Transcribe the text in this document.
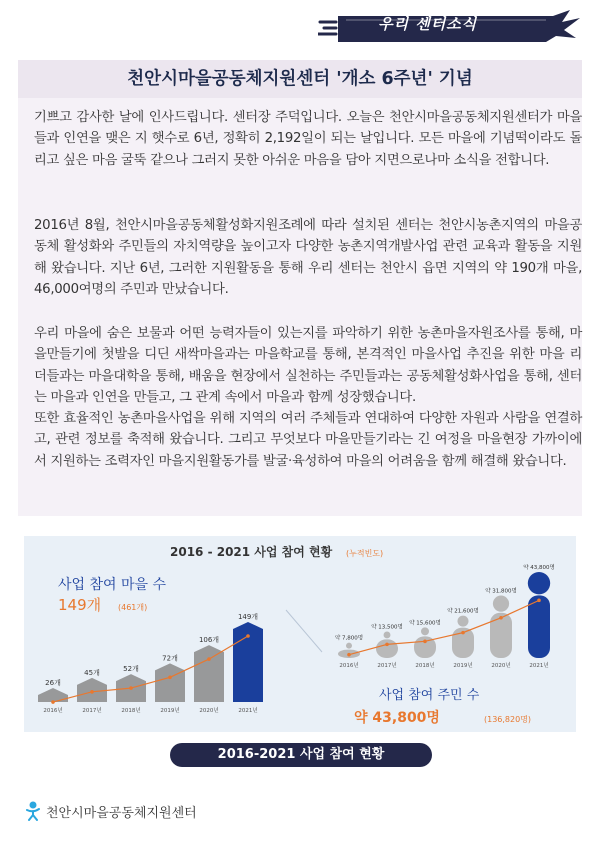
우리 센터소식
천안시마을공동체지원센터 '개소 6주년' 기념
기쁘고 감사한 날에 인사드립니다. 센터장 주덕입니다. 오늘은 천안시마을공동체지원센터가 마을들과 인연을 맺은 지 햇수로 6년, 정확히 2,192일이 되는 날입니다. 모든 마을에 기념떡이라도 돌리고 싶은 마음 굴뚝 같으나 그러지 못한 아쉬운 마음을 담아 지면으로나마 소식을 전합니다.
2016년 8월, 천안시마을공동체활성화지원조례에 따라 설치된 센터는 천안시농촌지역의 마을공동체 활성화와 주민들의 자치역량을 높이고자 다양한 농촌지역개발사업 관련 교육과 활동을 지원해 왔습니다. 지난 6년, 그러한 지원활동을 통해 우리 센터는 천안시 읍면 지역의 약 190개 마을, 46,000여명의 주민과 만났습니다.
우리 마을에 숨은 보물과 어떤 능력자들이 있는지를 파악하기 위한 농촌마을자원조사를 통해, 마을만들기에 첫발을 디딘 새싹마을과는 마을학교를 통해, 본격적인 마을사업 추진을 위한 마을 리더들과는 마을대학을 통해, 배움을 현장에서 실천하는 주민들과는 공동체활성화사업을 통해, 센터는 마을과 인연을 만들고, 그 관계 속에서 마을과 함께 성장했습니다.
또한 효율적인 농촌마을사업을 위해 지역의 여러 주체들과 연대하여 다양한 자원과 사람을 연결하고, 관련 정보를 축적해 왔습니다. 그리고 무엇보다 마을만들기라는 긴 여정을 마을현장 가까이에서 지원하는 조력자인 마을지원활동가를 발굴·육성하여 마을의 어려움을 함께 해결해 왔습니다.
2016 - 2021 사업 참여 현황 (누적빈도)
사업 참여 마을 수
149개 (461개)
사업 참여 주민 수
약 43,800명	(136,820명)
26개
2016년
45개
2017년
52개
2018년
72개
2019년
106개
2020년
149개
2021년
약 7,800명
2016년
약 13,500명
2017년
약 15,600명
2018년
약 21,600명
2019년
약 31,800명
2020년
약 43,800명
2021년
2016-2021 사업 참여 현황
천안시마을공동체지원센터
